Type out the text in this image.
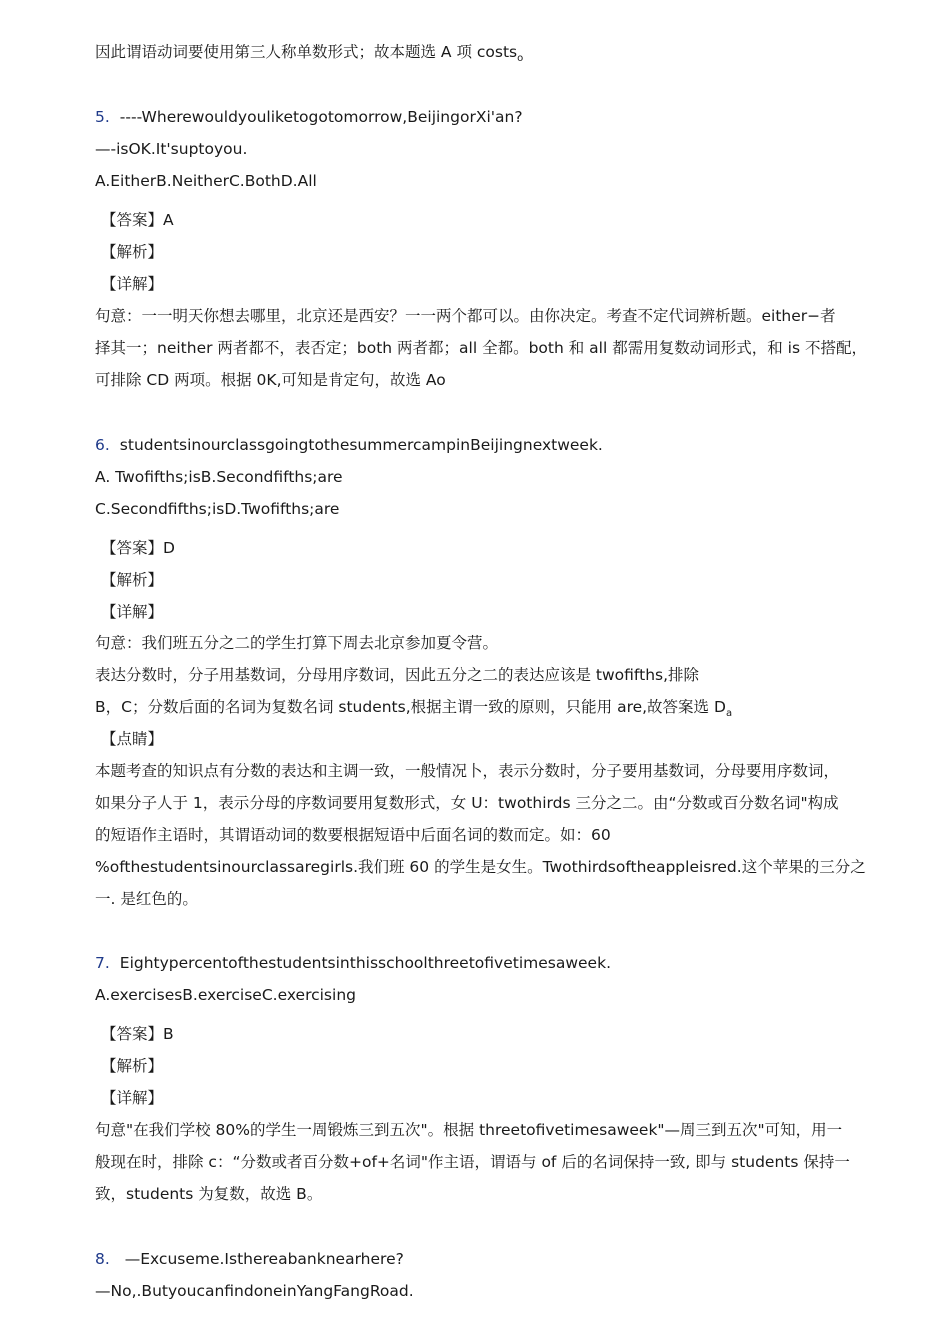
因此谓语动词要使用第三人称单数形式；故本题选 A 项 costs$_o$
5. ----Wherewouldyouliketogotomorrow,BeijingorXi'an?
—-isOK.It'suptoyou.
A.EitherB.NeitherC.BothD.All
【答案】A
【解析】
【详解】
句意：一一明天你想去哪里，北京还是西安？一一两个都可以。由你决定。考查不定代词辨析题。either−者
择其一；neither 两者都不，表否定；both 两者都；all 全都。both 和 all 都需用复数动词形式，和 is 不搭配，
可排除 CD 两项。根据 0K,可知是肯定句，故选 Ao
6. studentsinourclassgoingtothesummercampinBeijingnextweek.
A. Twofifths;isB.Secondfifths;are
C.Secondfifths;isD.Twofifths;are
【答案】D
【解析】
【详解】
句意：我们班五分之二的学生打算下周去北京参加夏令营。
表达分数时，分子用基数词，分母用序数词，因此五分之二的表达应该是 twofifths,排除
B，C；分数后面的名词为复数名词 students,根据主谓一致的原则，只能用 are,故答案选 $D_a$
【点睛】
本题考查的知识点有分数的表达和主调一致，一般情况卜，表示分数时，分子要用基数词，分母要用序数词，
如果分子人于 1，表示分母的序数词要用复数形式，女 U：twothirds 三分之二。由“分数或百分数名词"构成
的短语作主语时，其谓语动词的数要根据短语中后面名词的数而定。如：60
%ofthestudentsinourclassaregirls.我们班 60 的学生是女生。Twothirdsoftheappleisred.这个苹果的三分之
一. 是红色的。
7. Eightypercentofthestudentsinthisschoolthreetofivetimesaweek.
A.exercisesB.exerciseC.exercising
【答案】B
【解析】
【详解】
句意"在我们学校 80%的学生一周锻炼三到五次"。根据 threetofivetimesaweek"—周三到五次"可知，用一
般现在时，排除 c：“分数或者百分数+of+名词"作主语，谓语与 of 后的名词保持一致, 即与 students 保持一
致，students 为复数，故选 B。
8. —Excuseme.Isthereabanknearhere?
—No,.ButyoucanfindoneinYangFangRoad.
